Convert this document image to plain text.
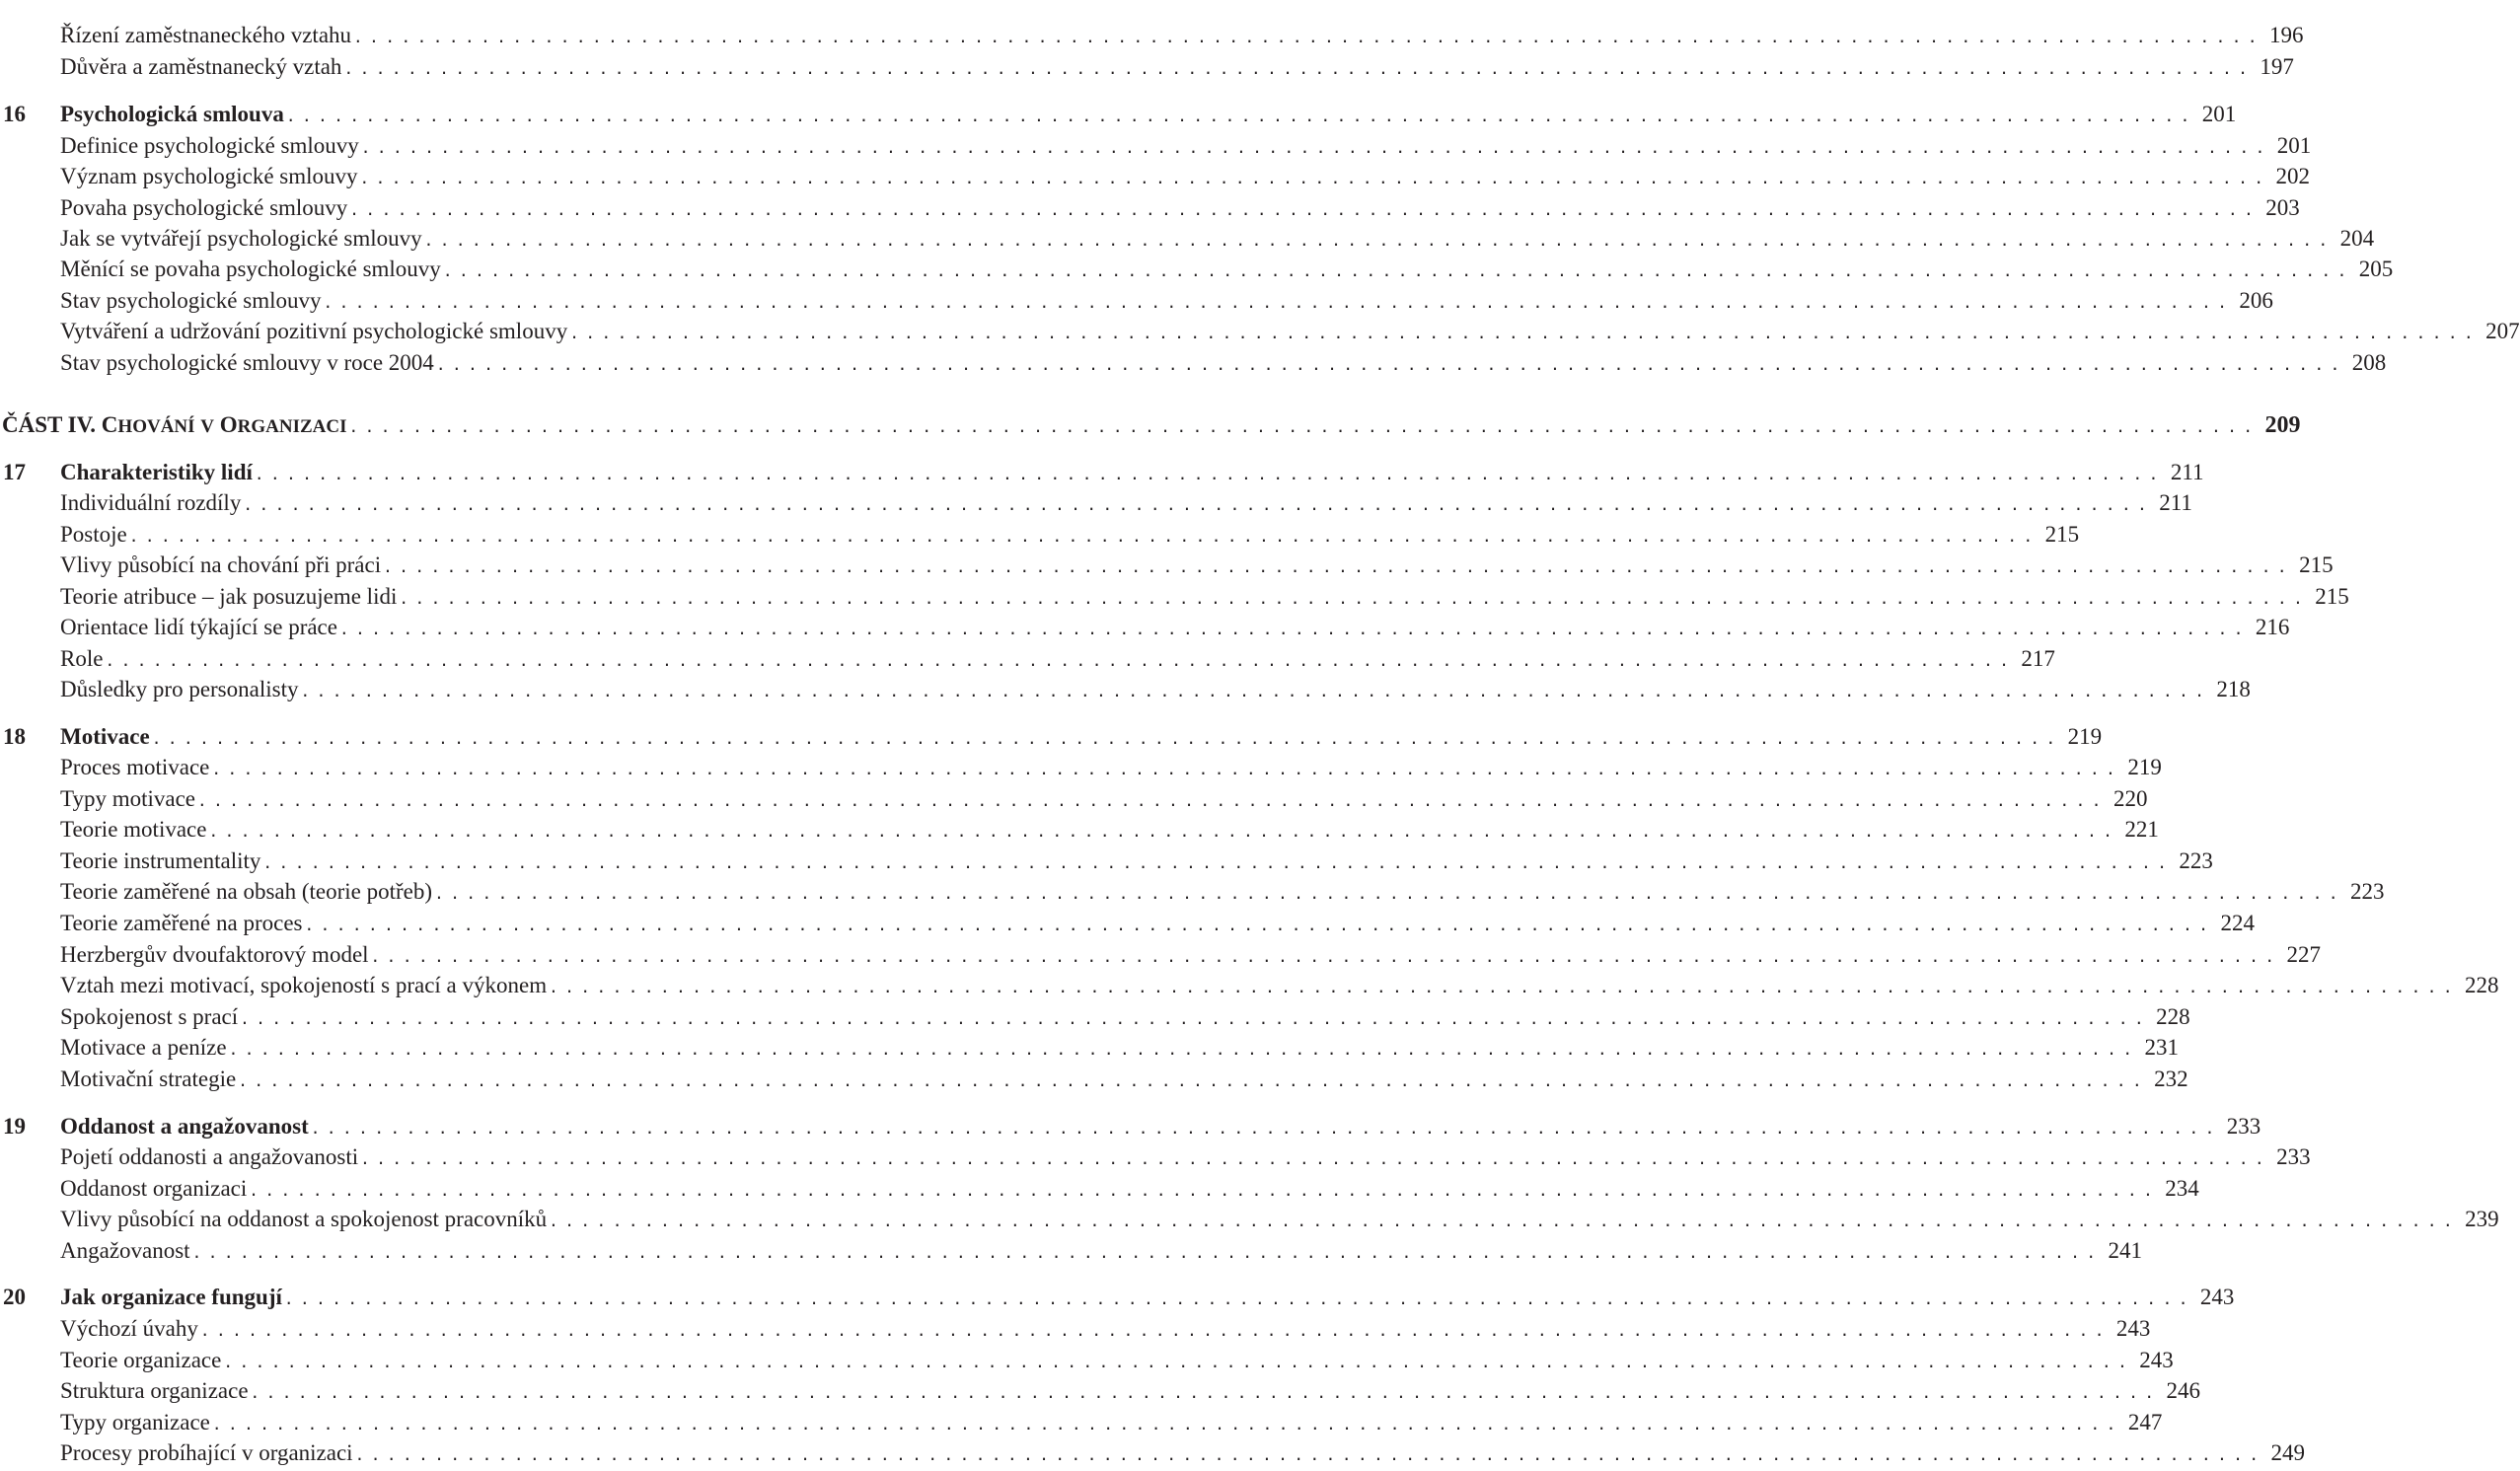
Řízení zaměstnaneckého vztahu ........................................................................................................................ 196
Důvěra a zaměstnanecký vztah ........................................................................................................................ 197
16 Psychologická smlouva ........................................................................................................................ 201
Definice psychologické smlouvy ........................................................................................................................ 201
Význam psychologické smlouvy ........................................................................................................................ 202
Povaha psychologické smlouvy ........................................................................................................................ 203
Jak se vytvářejí psychologické smlouvy ........................................................................................................................ 204
Měnící se povaha psychologické smlouvy ........................................................................................................................ 205
Stav psychologické smlouvy ........................................................................................................................ 206
Vytváření a udržování pozitivní psychologické smlouvy ........................................................................................................................ 207
Stav psychologické smlouvy v roce 2004 ........................................................................................................................ 208
ČÁST IV. CHOVÁNÍ V ORGANIZACI ........................................................................................................................ 209
17 Charakteristiky lidí ........................................................................................................................ 211
Individuální rozdíly ........................................................................................................................ 211
Postoje ........................................................................................................................ 215
Vlivy působící na chování při práci ........................................................................................................................ 215
Teorie atribuce – jak posuzujeme lidi ........................................................................................................................ 215
Orientace lidí týkající se práce ........................................................................................................................ 216
Role ........................................................................................................................ 217
Důsledky pro personalisty ........................................................................................................................ 218
18 Motivace ........................................................................................................................ 219
Proces motivace ........................................................................................................................ 219
Typy motivace ........................................................................................................................ 220
Teorie motivace ........................................................................................................................ 221
Teorie instrumentality ........................................................................................................................ 223
Teorie zaměřené na obsah (teorie potřeb) ........................................................................................................................ 223
Teorie zaměřené na proces ........................................................................................................................ 224
Herzbergův dvoufaktorový model ........................................................................................................................ 227
Vztah mezi motivací, spokojeností s prací a výkonem ........................................................................................................................ 228
Spokojenost s prací ........................................................................................................................ 228
Motivace a peníze ........................................................................................................................ 231
Motivační strategie ........................................................................................................................ 232
19 Oddanost a angažovanost ........................................................................................................................ 233
Pojetí oddanosti a angažovanosti ........................................................................................................................ 233
Oddanost organizaci ........................................................................................................................ 234
Vlivy působící na oddanost a spokojenost pracovníků ........................................................................................................................ 239
Angažovanost ........................................................................................................................ 241
20 Jak organizace fungují ........................................................................................................................ 243
Výchozí úvahy ........................................................................................................................ 243
Teorie organizace ........................................................................................................................ 243
Struktura organizace ........................................................................................................................ 246
Typy organizace ........................................................................................................................ 247
Procesy probíhající v organizaci ........................................................................................................................ 249
